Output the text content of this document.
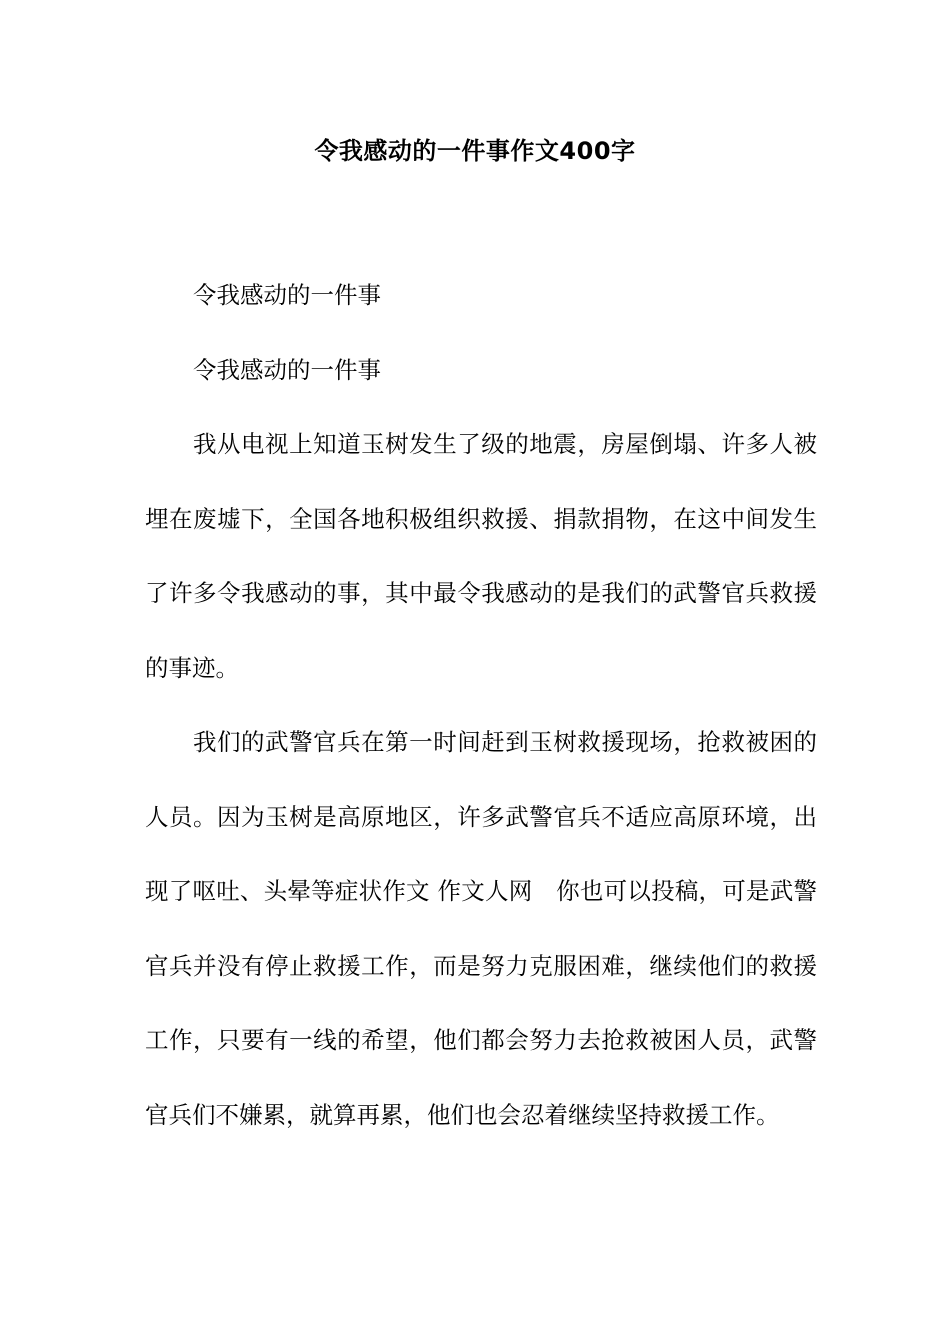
令我感动的一件事作文400字

令我感动的一件事

令我感动的一件事

我从电视上知道玉树发生了级的地震，房屋倒塌、许多人被埋在废墟下，全国各地积极组织救援、捐款捐物，在这中间发生了许多令我感动的事，其中最令我感动的是我们的武警官兵救援的事迹。

我们的武警官兵在第一时间赶到玉树救援现场，抢救被困的人员。因为玉树是高原地区，许多武警官兵不适应高原环境，出现了呕吐、头晕等症状作文 作文人网　你也可以投稿，可是武警官兵并没有停止救援工作，而是努力克服困难，继续他们的救援工作，只要有一线的希望，他们都会努力去抢救被困人员，武警官兵们不嫌累，就算再累，他们也会忍着继续坚持救援工作。
